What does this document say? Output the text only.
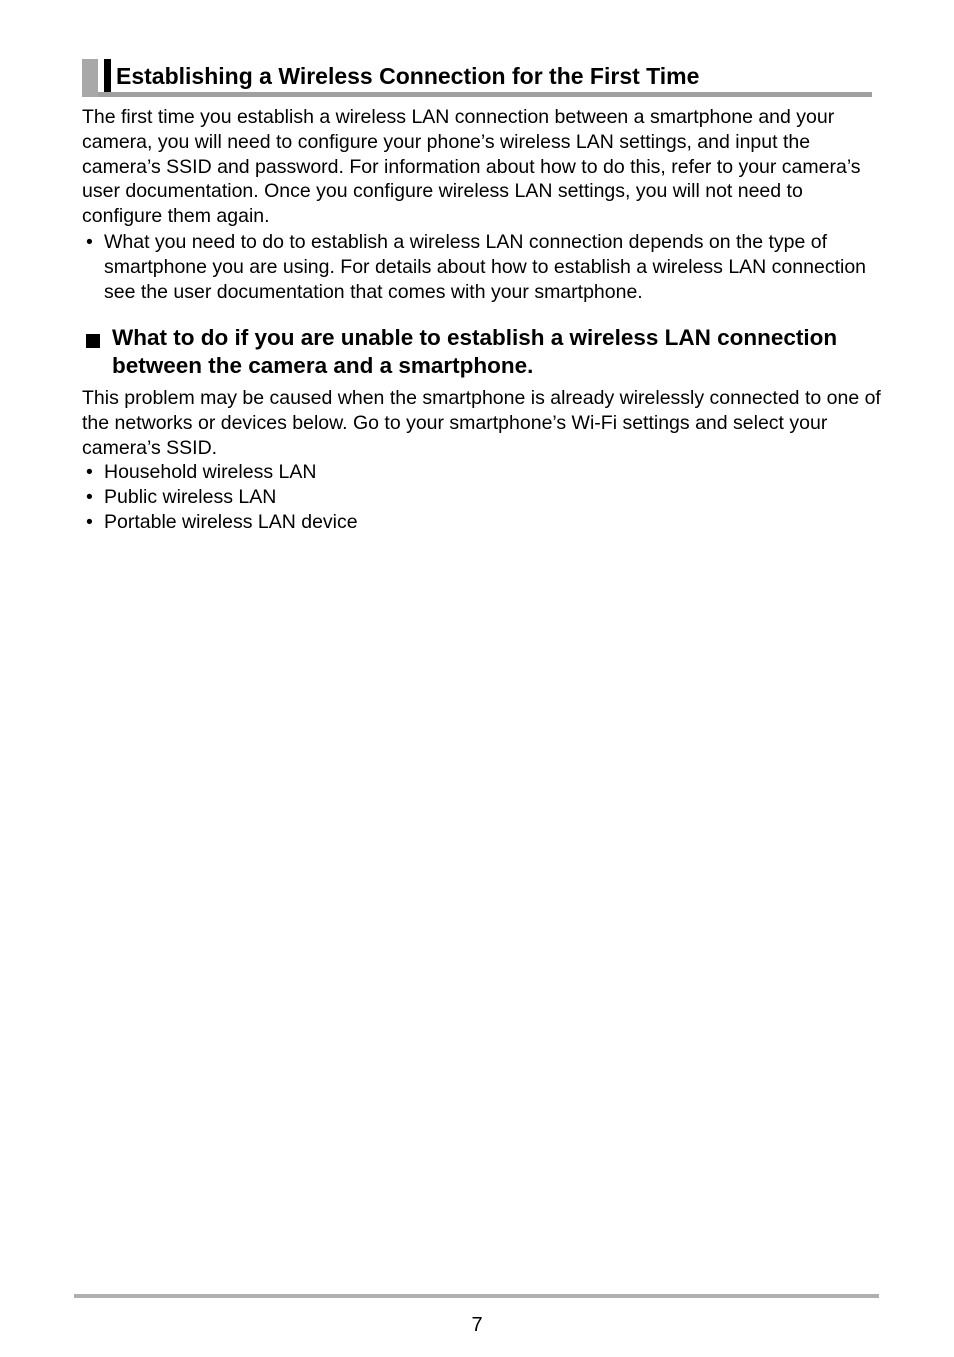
Establishing a Wireless Connection for the First Time

The first time you establish a wireless LAN connection between a smartphone and your camera, you will need to configure your phone’s wireless LAN settings, and input the camera’s SSID and password. For information about how to do this, refer to your camera’s user documentation. Once you configure wireless LAN settings, you will not need to configure them again.

• What you need to do to establish a wireless LAN connection depends on the type of smartphone you are using. For details about how to establish a wireless LAN connection see the user documentation that comes with your smartphone.
What to do if you are unable to establish a wireless LAN connection between the camera and a smartphone.

This problem may be caused when the smartphone is already wirelessly connected to one of the networks or devices below. Go to your smartphone’s Wi-Fi settings and select your camera’s SSID.

• Household wireless LAN
• Public wireless LAN
• Portable wireless LAN device
7
